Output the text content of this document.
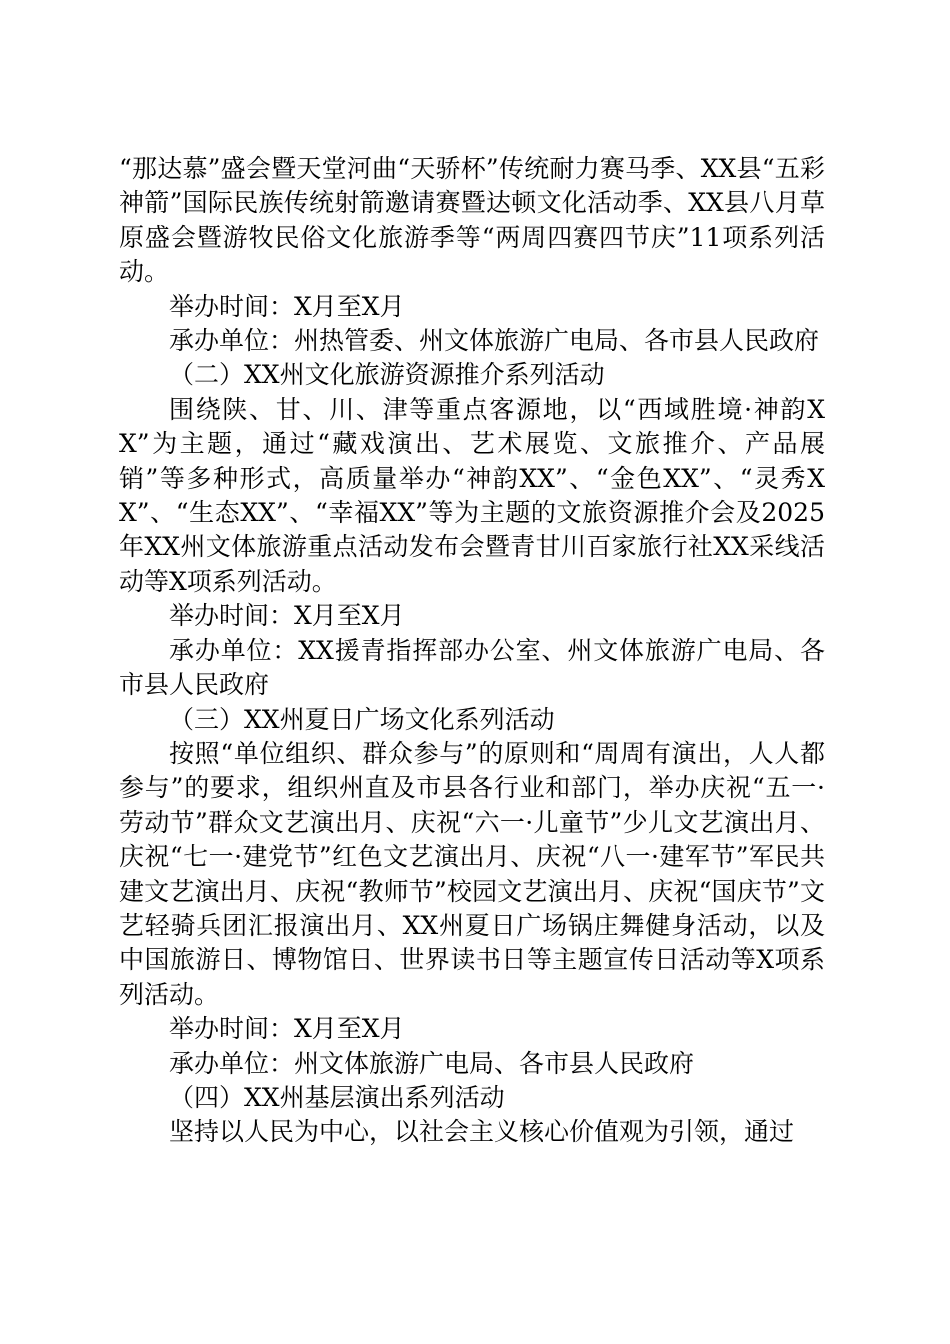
“那达慕”盛会暨天堂河曲“天骄杯”传统耐力赛马季、XX县“五彩神箭”国际民族传统射箭邀请赛暨达顿文化活动季、XX县八月草原盛会暨游牧民俗文化旅游季等“两周四赛四节庆”11项系列活动。

举办时间：X月至X月

承办单位：州热管委、州文体旅游广电局、各市县人民政府

（二）XX州文化旅游资源推介系列活动

围绕陕、甘、川、津等重点客源地，以“西域胜境·神韵XX”为主题，通过“藏戏演出、艺术展览、文旅推介、产品展销”等多种形式，高质量举办“神韵XX”、“金色XX”、“灵秀XX”、“生态XX”、“幸福XX”等为主题的文旅资源推介会及2025年XX州文体旅游重点活动发布会暨青甘川百家旅行社XX采线活动等X项系列活动。

举办时间：X月至X月

承办单位：XX援青指挥部办公室、州文体旅游广电局、各市县人民政府

（三）XX州夏日广场文化系列活动

按照“单位组织、群众参与”的原则和“周周有演出，人人都参与”的要求，组织州直及市县各行业和部门，举办庆祝“五一·劳动节”群众文艺演出月、庆祝“六一·儿童节”少儿文艺演出月、庆祝“七一·建党节”红色文艺演出月、庆祝“八一·建军节”军民共建文艺演出月、庆祝“教师节”校园文艺演出月、庆祝“国庆节”文艺轻骑兵团汇报演出月、XX州夏日广场锅庄舞健身活动，以及中国旅游日、博物馆日、世界读书日等主题宣传日活动等X项系列活动。

举办时间：X月至X月

承办单位：州文体旅游广电局、各市县人民政府

（四）XX州基层演出系列活动

坚持以人民为中心，以社会主义核心价值观为引领，通过
